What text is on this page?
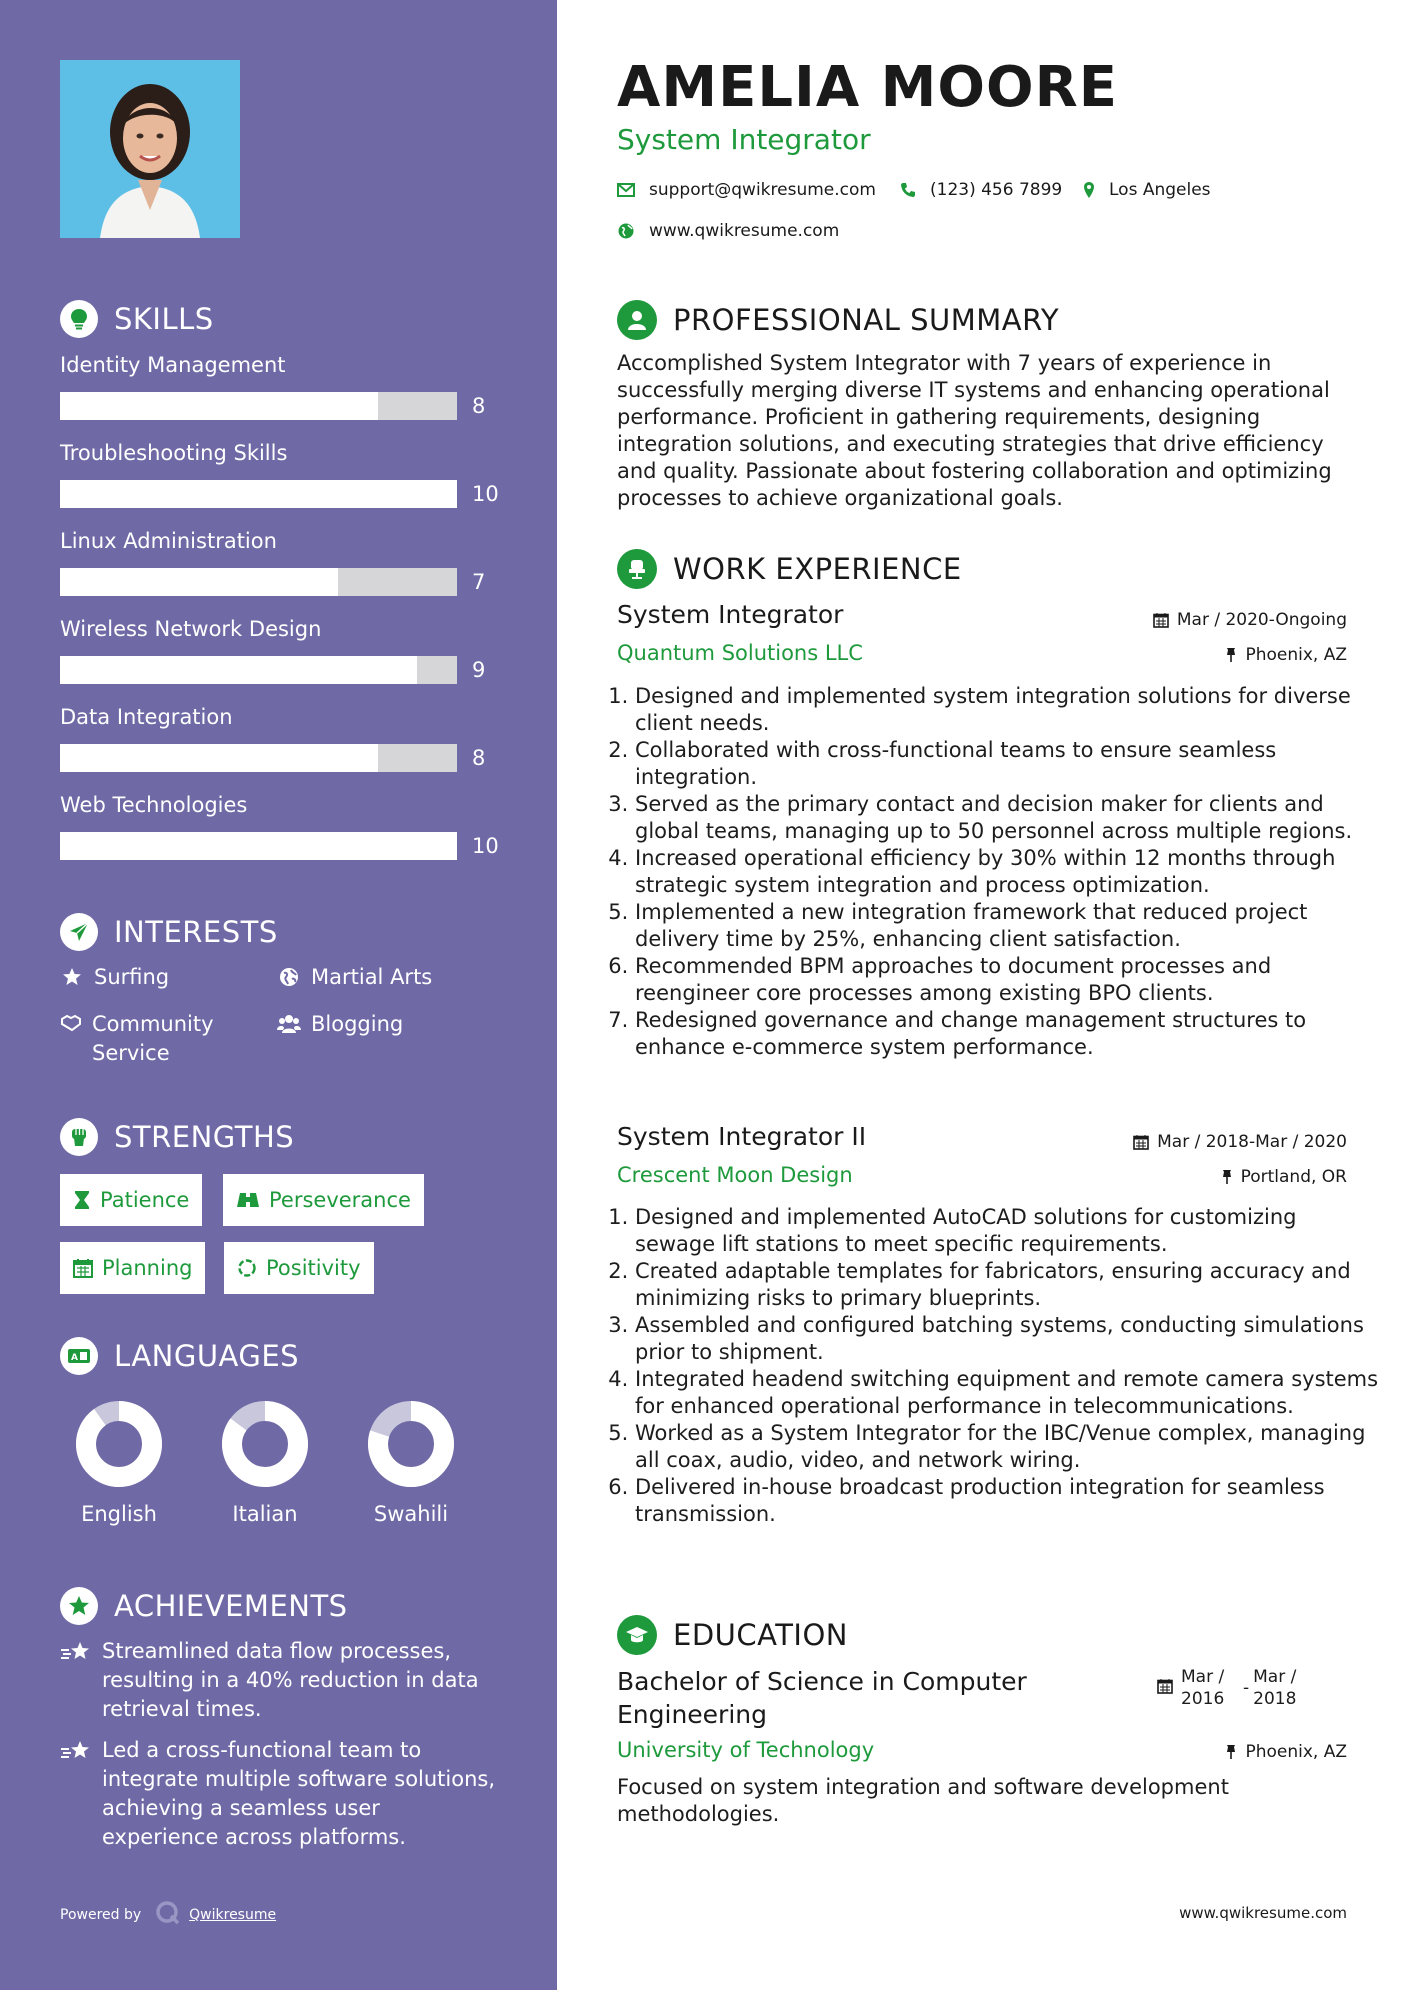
SKILLS
Identity Management
8
Troubleshooting Skills
10
Linux Administration
7
Wireless Network Design
9
Data Integration
8
Web Technologies
10
INTERESTS
Surfing	Martial Arts
Community Service
Blogging
STRENGTHS
Patience	Perseverance
Planning	Positivity
A LANGUAGES
English	Italian	Swahili
ACHIEVEMENTS
Streamlined data flow processes, resulting in a 40% reduction in data retrieval times.
Led a cross-functional team to integrate multiple software solutions, achieving a seamless user experience across platforms.
Powered by	Qwikresume
AMELIA MOORE
System Integrator
support@qwikresume.com	(123) 456 7899	Los Angeles
www.qwikresume.com
PROFESSIONAL SUMMARY
Accomplished System Integrator with 7 years of experience in successfully merging diverse IT systems and enhancing operational performance. Proficient in gathering requirements, designing integration solutions, and executing strategies that drive efficiency and quality. Passionate about fostering collaboration and optimizing processes to achieve organizational goals.
WORK EXPERIENCE
System Integrator
Quantum Solutions LLC
Mar / 2020-Ongoing
Phoenix, AZ
1. Designed and implemented system integration solutions for diverse client needs.
2. Collaborated with cross-functional teams to ensure seamless integration.
3. Served as the primary contact and decision maker for clients and global teams, managing up to 50 personnel across multiple regions.
4. Increased operational efficiency by 30% within 12 months through strategic system integration and process optimization.
5. Implemented a new integration framework that reduced project delivery time by 25%, enhancing client satisfaction.
6. Recommended BPM approaches to document processes and reengineer core processes among existing BPO clients.
7. Redesigned governance and change management structures to enhance e-commerce system performance.
System Integrator II
Crescent Moon Design
Mar / 2018-Mar / 2020
Portland, OR
1. Designed and implemented AutoCAD solutions for customizing sewage lift stations to meet specific requirements.
2. Created adaptable templates for fabricators, ensuring accuracy and minimizing risks to primary blueprints.
3. Assembled and configured batching systems, conducting simulations prior to shipment.
4. Integrated headend switching equipment and remote camera systems for enhanced operational performance in telecommunications.
5. Worked as a System Integrator for the IBC/Venue complex, managing all coax, audio, video, and network wiring.
6. Delivered in-house broadcast production integration for seamless transmission.
EDUCATION
Bachelor of Science in Computer Engineering
University of Technology
Mar / 2016
-
Mar / 2018
Phoenix, AZ
Focused on system integration and software development methodologies.
www.qwikresume.com
